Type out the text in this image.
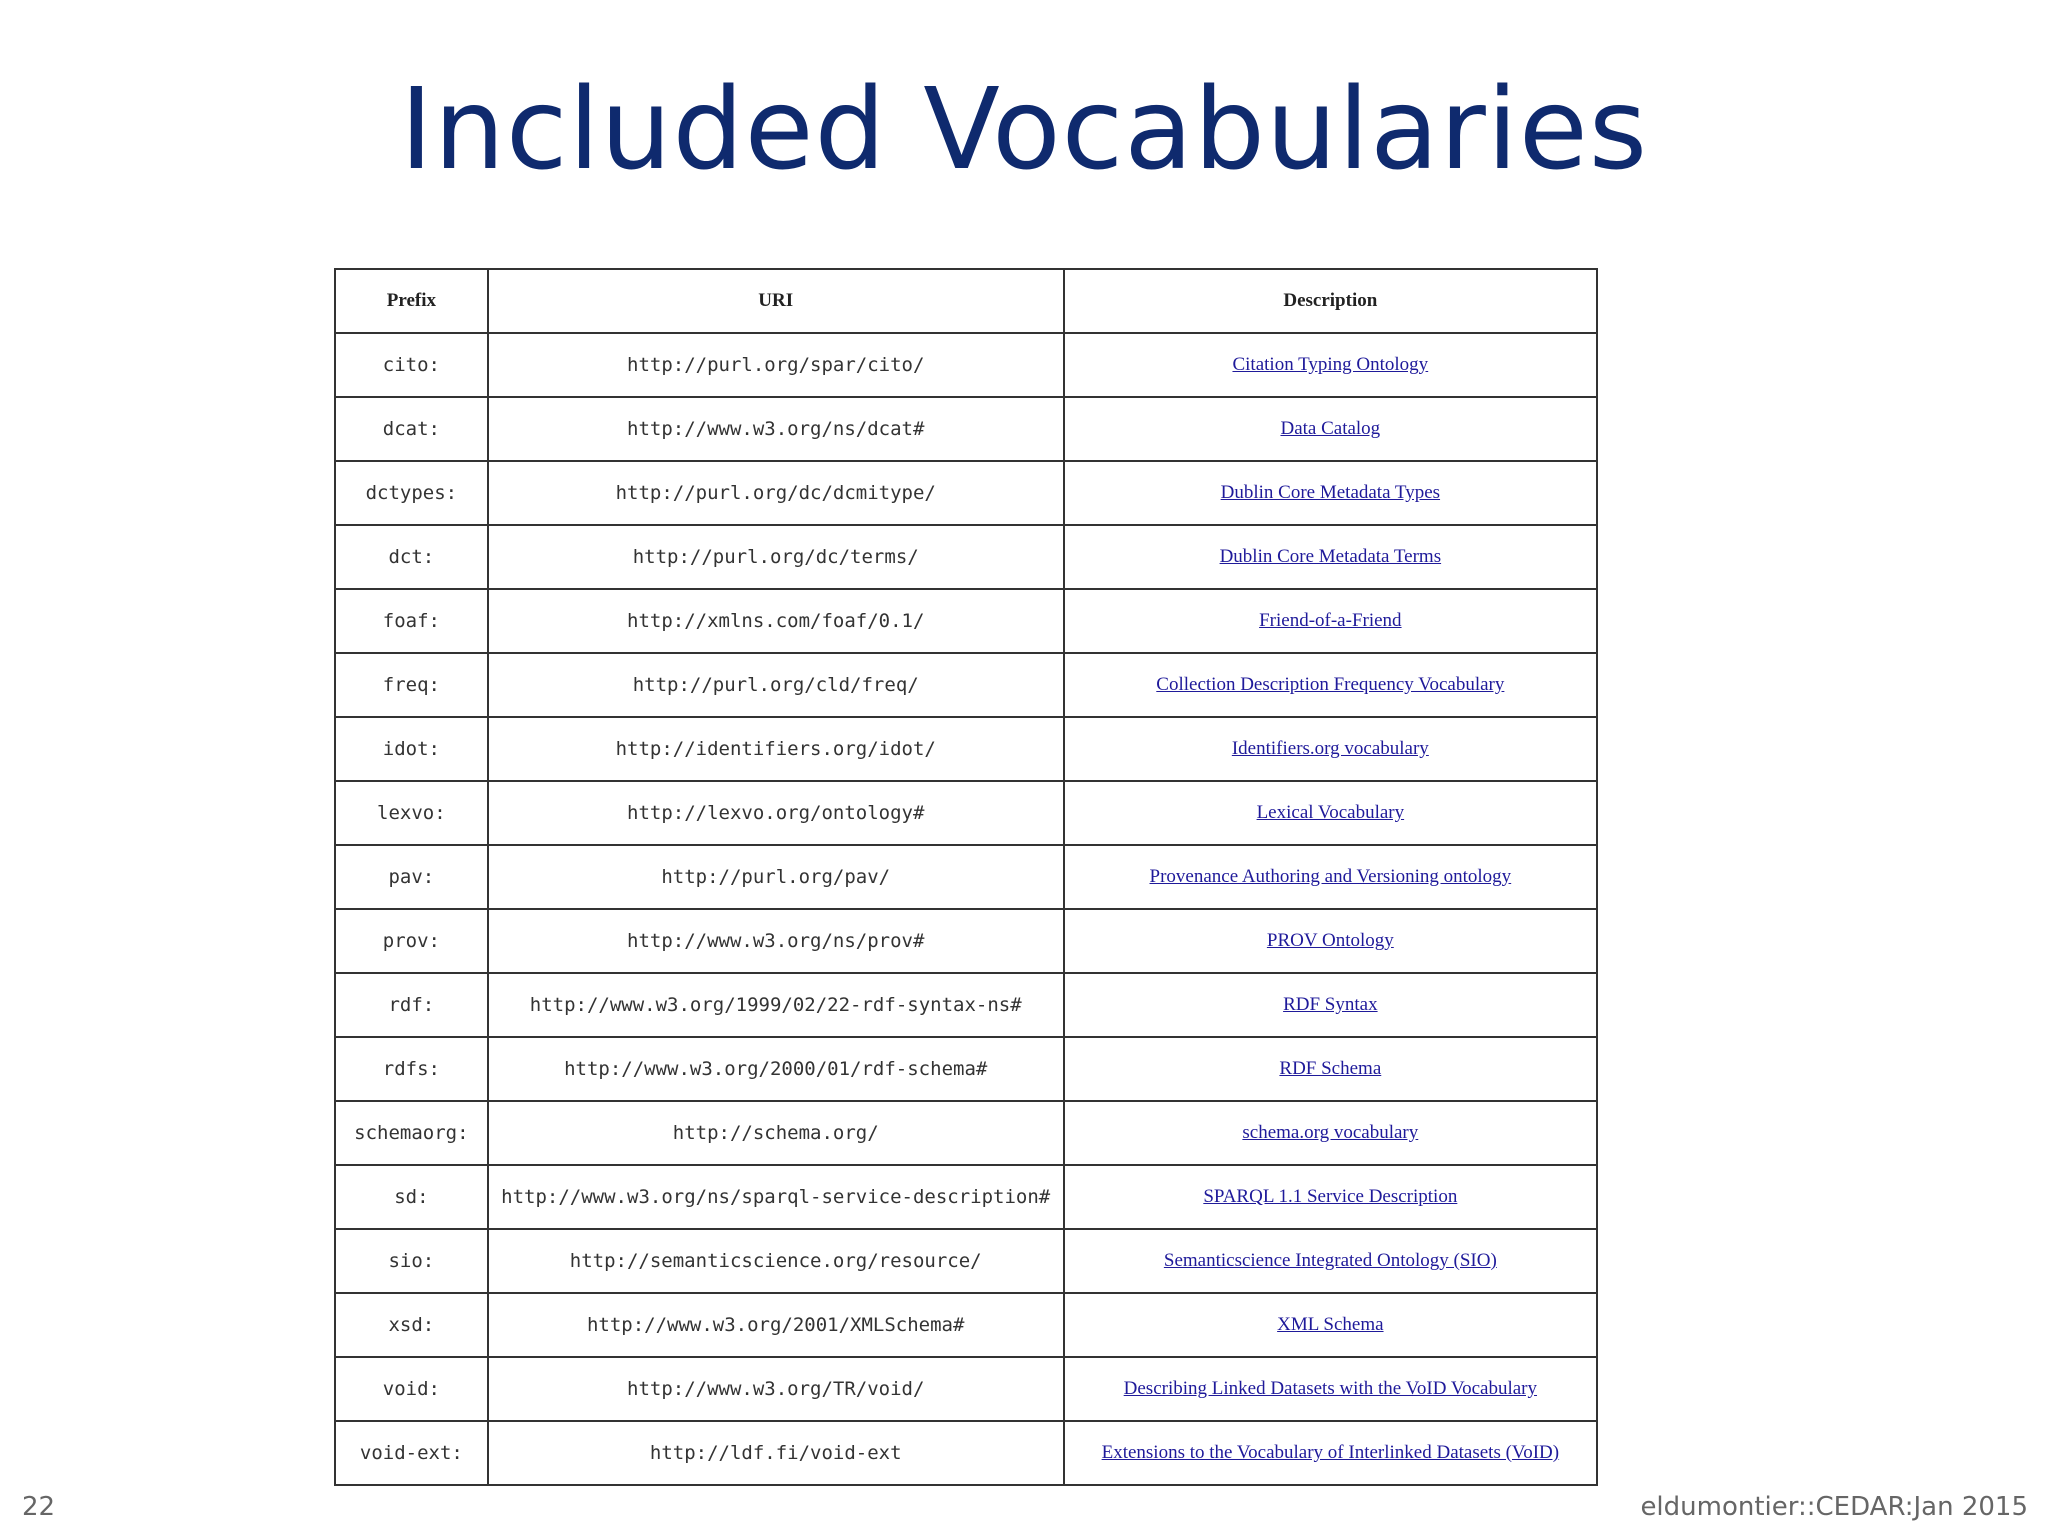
Included Vocabularies
Prefix	URI	Description
cito:	http://purl.org/spar/cito/	Citation Typing Ontology
dcat:	http://www.w3.org/ns/dcat#	Data Catalog
dctypes:	http://purl.org/dc/dcmitype/	Dublin Core Metadata Types
dct:	http://purl.org/dc/terms/	Dublin Core Metadata Terms
foaf:	http://xmlns.com/foaf/0.1/	Friend-of-a-Friend
freq:	http://purl.org/cld/freq/	Collection Description Frequency Vocabulary
idot:	http://identifiers.org/idot/	Identifiers.org vocabulary
lexvo:	http://lexvo.org/ontology#	Lexical Vocabulary
pav:	http://purl.org/pav/	Provenance Authoring and Versioning ontology
prov:	http://www.w3.org/ns/prov#	PROV Ontology
rdf:	http://www.w3.org/1999/02/22-rdf-syntax-ns#	RDF Syntax
rdfs:	http://www.w3.org/2000/01/rdf-schema#	RDF Schema
schemaorg:	http://schema.org/	schema.org vocabulary
sd:	http://www.w3.org/ns/sparql-service-description#	SPARQL 1.1 Service Description
sio:	http://semanticscience.org/resource/	Semanticscience Integrated Ontology (SIO)
xsd:	http://www.w3.org/2001/XMLSchema#	XML Schema
void:	http://www.w3.org/TR/void/	Describing Linked Datasets with the VoID Vocabulary
void-ext:	http://ldf.fi/void-ext	Extensions to the Vocabulary of Interlinked Datasets (VoID)
22	eldumontier::CEDAR:Jan 2015
